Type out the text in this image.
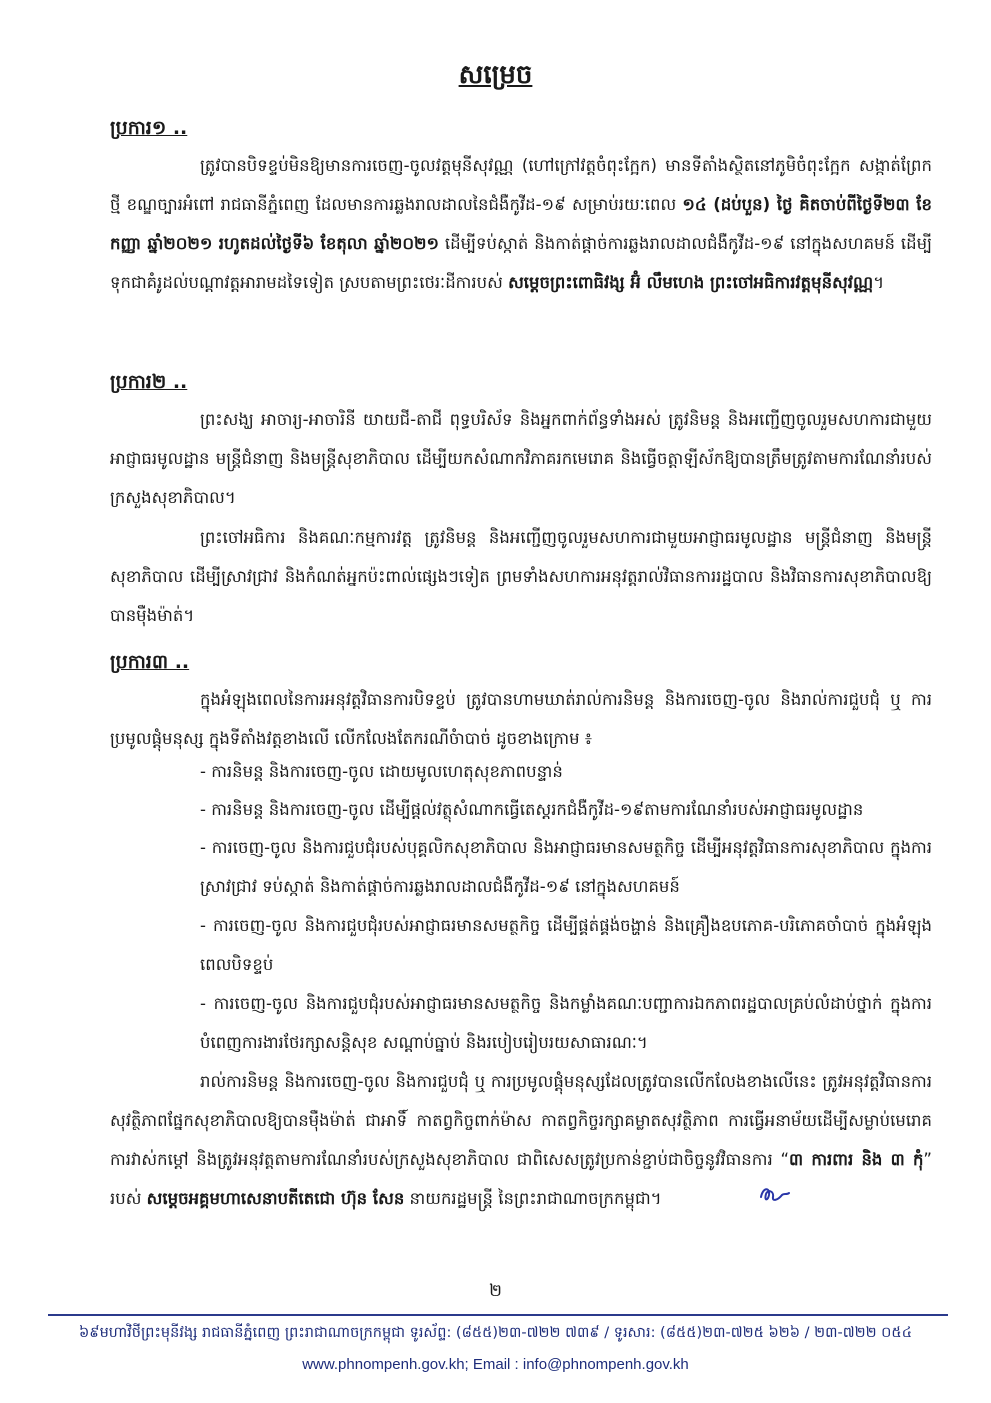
សម្រេច
ប្រការ១ ..

ត្រូវបានបិទខ្ទប់មិនឱ្យមានការចេញ-ចូលវត្តមុនីសុវណ្ណ (ហៅក្រៅវត្តចំពុះក្អែក) មានទីតាំងស្ថិតនៅភូមិចំពុះក្អែក សង្កាត់ព្រែកថ្មី ខណ្ឌច្បារអំពៅ រាជធានីភ្នំពេញ ដែលមានការឆ្លងរាលដាលនៃជំងឺកូវីដ-១៩ សម្រាប់រយៈពេល ១៤ (ដប់បួន) ថ្ងៃ គិតចាប់ពីថ្ងៃទី២៣ ខែកញ្ញា ឆ្នាំ២០២១ រហូតដល់ថ្ងៃទី៦ ខែតុលា ឆ្នាំ២០២១ ដើម្បីទប់ស្កាត់ និងកាត់ផ្តាច់ការឆ្លងរាលដាលជំងឺកូវីដ-១៩ នៅក្នុងសហគមន៍ ដើម្បីទុកជាគំរូដល់បណ្តាវត្តអារាមដទៃទៀត ស្របតាមព្រះថេរៈដីការបស់ សម្តេចព្រះពោធិវង្ស អ៊ំ លឹមហេង ព្រះចៅអធិការវត្តមុនីសុវណ្ណ។

ប្រការ២ ..

ព្រះសង្ឃ អាចារ្យ-អាចារិនី យាយជី-តាជី ពុទ្ធបរិស័ទ និងអ្នកពាក់ព័ន្ធទាំងអស់ ត្រូវនិមន្ត និងអញ្ជើញចូលរួមសហការជាមួយអាជ្ញាធរមូលដ្ឋាន មន្ត្រីជំនាញ និងមន្ត្រីសុខាភិបាល ដើម្បីយកសំណាកវិភាគរកមេរោគ និងធ្វើចត្តាឡីស័កឱ្យបានត្រឹមត្រូវតាមការណែនាំរបស់ក្រសួងសុខាភិបាល។

ព្រះចៅអធិការ និងគណៈកម្មការវត្ត ត្រូវនិមន្ត និងអញ្ជើញចូលរួមសហការជាមួយអាជ្ញាធរមូលដ្ឋាន មន្ត្រីជំនាញ និងមន្ត្រីសុខាភិបាល ដើម្បីស្រាវជ្រាវ និងកំណត់អ្នកប៉ះពាល់ផ្សេងៗទៀត ព្រមទាំងសហការអនុវត្តរាល់វិធានការរដ្ឋបាល និងវិធានការសុខាភិបាលឱ្យបានម៉ឺងម៉ាត់។

ប្រការ៣ ..

ក្នុងអំឡុងពេលនៃការអនុវត្តវិធានការបិទខ្ទប់ ត្រូវបានហាមឃាត់រាល់ការនិមន្ត និងការចេញ-ចូល និងរាល់ការជួបជុំ ឬ ការប្រមូលផ្តុំមនុស្ស ក្នុងទីតាំងវត្តខាងលើ លើកលែងតែករណីចំាបាច់ ដូចខាងក្រោម ៖

- ការនិមន្ត និងការចេញ-ចូល ដោយមូលហេតុសុខភាពបន្ទាន់

- ការនិមន្ត និងការចេញ-ចូល ដើម្បីផ្តល់វត្ថុសំណាកធ្វើតេស្តរកជំងឺកូវីដ-១៩តាមការណែនាំរបស់អាជ្ញាធរមូលដ្ឋាន

- ការចេញ-ចូល និងការជួបជុំរបស់បុគ្គលិកសុខាភិបាល និងអាជ្ញាធរមានសមត្ថកិច្ច ដើម្បីអនុវត្តវិធានការសុខាភិបាល ក្នុងការស្រាវជ្រាវ ទប់ស្កាត់ និងកាត់ផ្តាច់ការឆ្លងរាលដាលជំងឺកូវីដ-១៩ នៅក្នុងសហគមន៍

- ការចេញ-ចូល និងការជួបជុំរបស់អាជ្ញាធរមានសមត្ថកិច្ច ដើម្បីផ្គត់ផ្គង់ចង្ហាន់ និងគ្រឿងឧបភោគ-បរិភោគចាំបាច់ ក្នុងអំឡុងពេលបិទខ្ទប់

- ការចេញ-ចូល និងការជួបជុំរបស់អាជ្ញាធរមានសមត្ថកិច្ច និងកម្លាំងគណៈបញ្ជាការឯកភាពរដ្ឋបាលគ្រប់លំដាប់ថ្នាក់ ក្នុងការបំពេញការងារថែរក្សាសន្តិសុខ សណ្តាប់ធ្នាប់ និងរបៀបរៀបរយសាធារណៈ។

រាល់ការនិមន្ត និងការចេញ-ចូល និងការជួបជុំ ឬ ការប្រមូលផ្តុំមនុស្សដែលត្រូវបានលើកលែងខាងលើនេះ ត្រូវអនុវត្តវិធានការសុវត្ថិភាពផ្នែកសុខាភិបាលឱ្យបានម៉ឺងម៉ាត់ ជាអាទិ៍ កាតព្វកិច្ចពាក់ម៉ាស កាតព្វកិច្ចរក្សាគម្លាតសុវត្ថិភាព ការធ្វើអនាម័យដើម្បីសម្លាប់មេរោគ ការវាស់កម្តៅ និងត្រូវអនុវត្តតាមការណែនាំរបស់ក្រសួងសុខាភិបាល ជាពិសេសត្រូវប្រកាន់ខ្ជាប់ជាចិច្ចនូវវិធានការ “៣ ការពារ និង ៣ កុំ” របស់ សម្តេចអគ្គមហាសេនាបតីតេជោ ហ៊ុន សែន នាយករដ្ឋមន្ត្រី នៃព្រះរាជាណាចក្រកម្ពុជា។

២
៦៩មហាវិថីព្រះមុនីវង្ស រាជធានីភ្នំពេញ ព្រះរាជាណាចក្រកម្ពុជា ទូរស័ព្ទ: (៨៥៥)២៣-៧២២ ៧៣៩ / ទូរសារ: (៨៥៥)២៣-៧២៥ ៦២៦ / ២៣-៧២២ ០៥៤
www.phnompenh.gov.kh; Email : info@phnompenh.gov.kh
